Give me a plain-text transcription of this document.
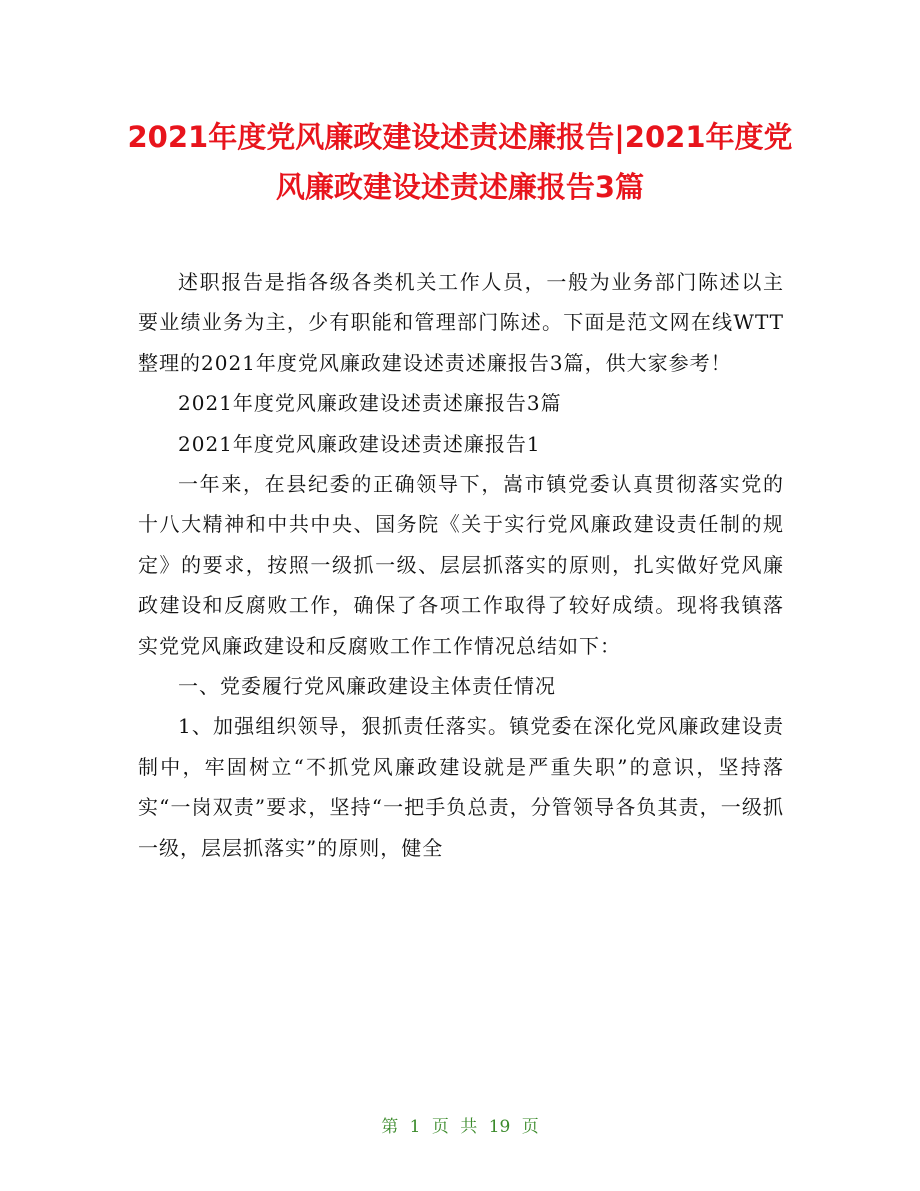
2021年度党风廉政建设述责述廉报告|2021年度党风廉政建设述责述廉报告3篇

述职报告是指各级各类机关工作人员，一般为业务部门陈述以主要业绩业务为主，少有职能和管理部门陈述。下面是范文网在线WTT整理的2021年度党风廉政建设述责述廉报告3篇，供大家参考！

2021年度党风廉政建设述责述廉报告3篇

2021年度党风廉政建设述责述廉报告1

一年来，在县纪委的正确领导下，嵩市镇党委认真贯彻落实党的十八大精神和中共中央、国务院《关于实行党风廉政建设责任制的规定》的要求，按照一级抓一级、层层抓落实的原则，扎实做好党风廉政建设和反腐败工作，确保了各项工作取得了较好成绩。现将我镇落实党党风廉政建设和反腐败工作工作情况总结如下：

一、党委履行党风廉政建设主体责任情况

1、加强组织领导，狠抓责任落实。镇党委在深化党风廉政建设责制中，牢固树立“不抓党风廉政建设就是严重失职”的意识，坚持落实“一岗双责”要求，坚持“一把手负总责，分管领导各负其责，一级抓一级，层层抓落实”的原则，健全

第 1 页 共 19 页
